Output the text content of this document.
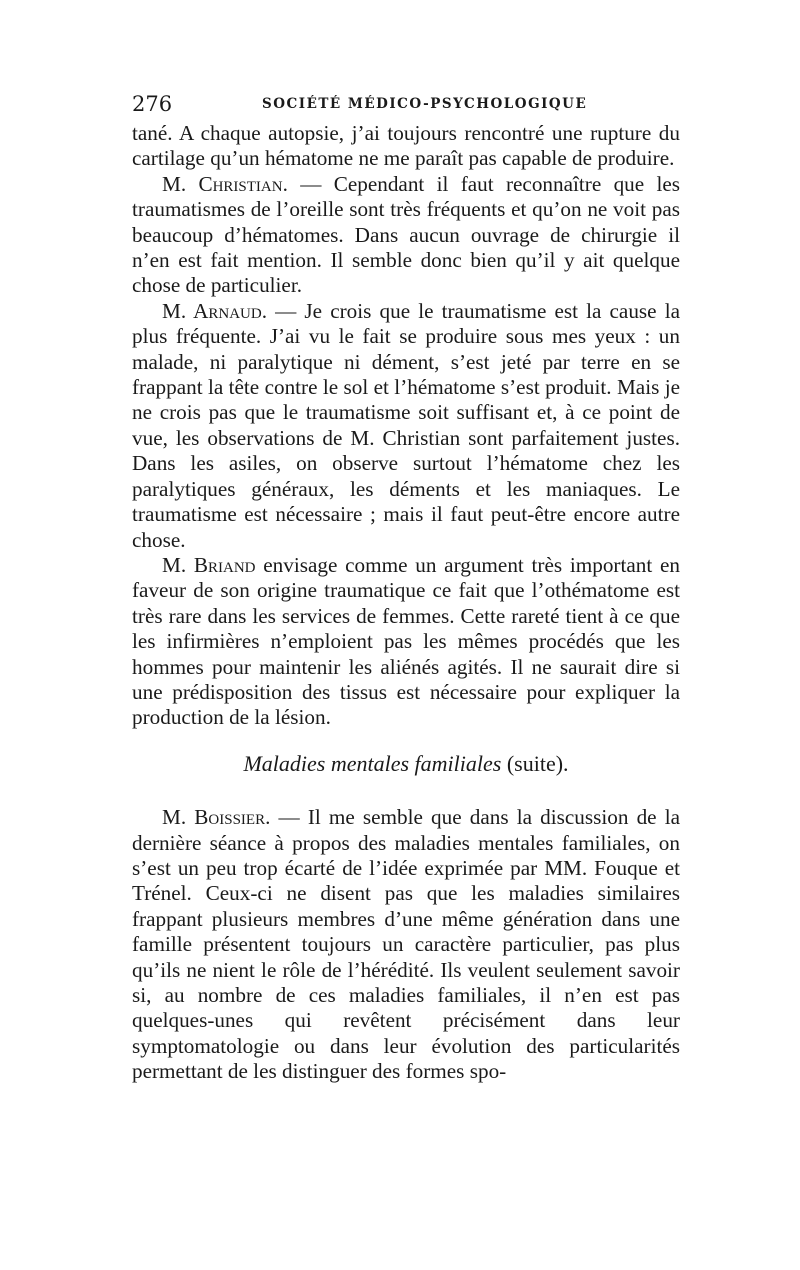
276	SOCIÉTÉ MÉDICO-PSYCHOLOGIQUE

tané. A chaque autopsie, j’ai toujours rencontré une rupture du cartilage qu’un hématome ne me paraît pas capable de produire.

M. Christian. — Cependant il faut reconnaître que les traumatismes de l’oreille sont très fréquents et qu’on ne voit pas beaucoup d’hématomes. Dans aucun ouvrage de chirurgie il n’en est fait mention. Il semble donc bien qu’il y ait quelque chose de particulier.

M. Arnaud. — Je crois que le traumatisme est la cause la plus fréquente. J’ai vu le fait se produire sous mes yeux : un malade, ni paralytique ni dément, s’est jeté par terre en se frappant la tête contre le sol et l’hématome s’est produit. Mais je ne crois pas que le traumatisme soit suffisant et, à ce point de vue, les observations de M. Christian sont parfaitement justes. Dans les asiles, on observe surtout l’hématome chez les paralytiques généraux, les déments et les maniaques. Le traumatisme est nécessaire ; mais il faut peut-être encore autre chose.

M. Briand envisage comme un argument très important en faveur de son origine traumatique ce fait que l’othématome est très rare dans les services de femmes. Cette rareté tient à ce que les infirmières n’emploient pas les mêmes procédés que les hommes pour maintenir les aliénés agités. Il ne saurait dire si une prédisposition des tissus est nécessaire pour expliquer la production de la lésion.

Maladies mentales familiales (suite).

M. Boissier. — Il me semble que dans la discussion de la dernière séance à propos des maladies mentales familiales, on s’est un peu trop écarté de l’idée exprimée par MM. Fouque et Trénel. Ceux-ci ne disent pas que les maladies similaires frappant plusieurs membres d’une même génération dans une famille présentent toujours un caractère particulier, pas plus qu’ils ne nient le rôle de l’hérédité. Ils veulent seulement savoir si, au nombre de ces maladies familiales, il n’en est pas quelques-unes qui revêtent précisément dans leur symptomatologie ou dans leur évolution des particularités permettant de les distinguer des formes spo-
